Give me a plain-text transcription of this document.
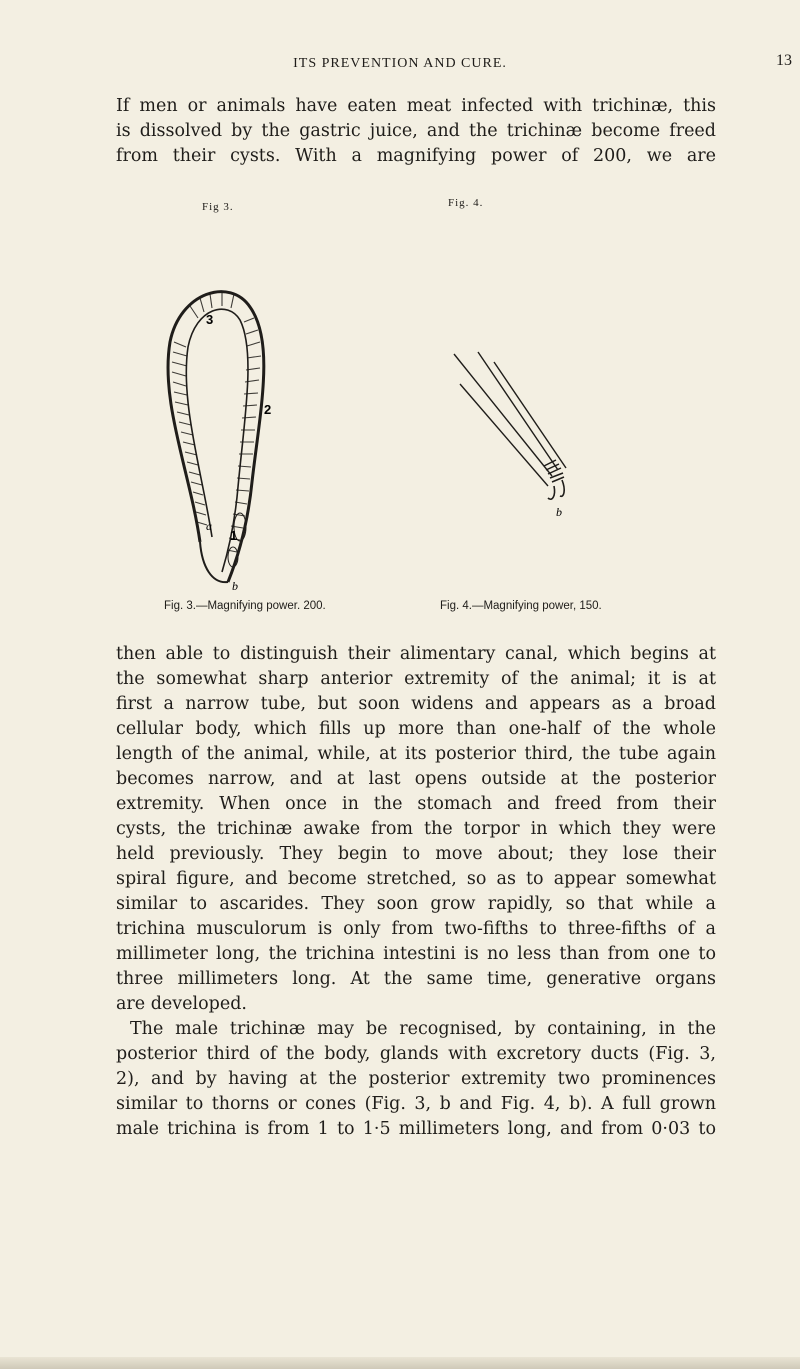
ITS PREVENTION AND CURE.	13

If men or animals have eaten meat infected with trichinæ, this

is dissolved by the gastric juice, and the trichinæ become freed

from their cysts. With a magnifying power of 200, we are

Fig 3.
3
2
1
a
b
Fig. 4.
b
Fig. 3.—Magnifying power. 200.	Fig. 4.—Magnifying power, 150.

then able to distinguish their alimentary canal, which begins at

the somewhat sharp anterior extremity of the animal; it is at

first a narrow tube, but soon widens and appears as a broad

cellular body, which fills up more than one-half of the whole

length of the animal, while, at its posterior third, the tube again

becomes narrow, and at last opens outside at the posterior

extremity. When once in the stomach and freed from their

cysts, the trichinæ awake from the torpor in which they were

held previously. They begin to move about; they lose their

spiral figure, and become stretched, so as to appear somewhat

similar to ascarides. They soon grow rapidly, so that while a

trichina musculorum is only from two-fifths to three-fifths of a

millimeter long, the trichina intestini is no less than from one to

three millimeters long. At the same time, generative organs

are developed.

The male trichinæ may be recognised, by containing, in the

posterior third of the body, glands with excretory ducts (Fig. 3,

2), and by having at the posterior extremity two prominences

similar to thorns or cones (Fig. 3, b and Fig. 4, b). A full grown

male trichina is from 1 to 1·5 millimeters long, and from 0·03 to
